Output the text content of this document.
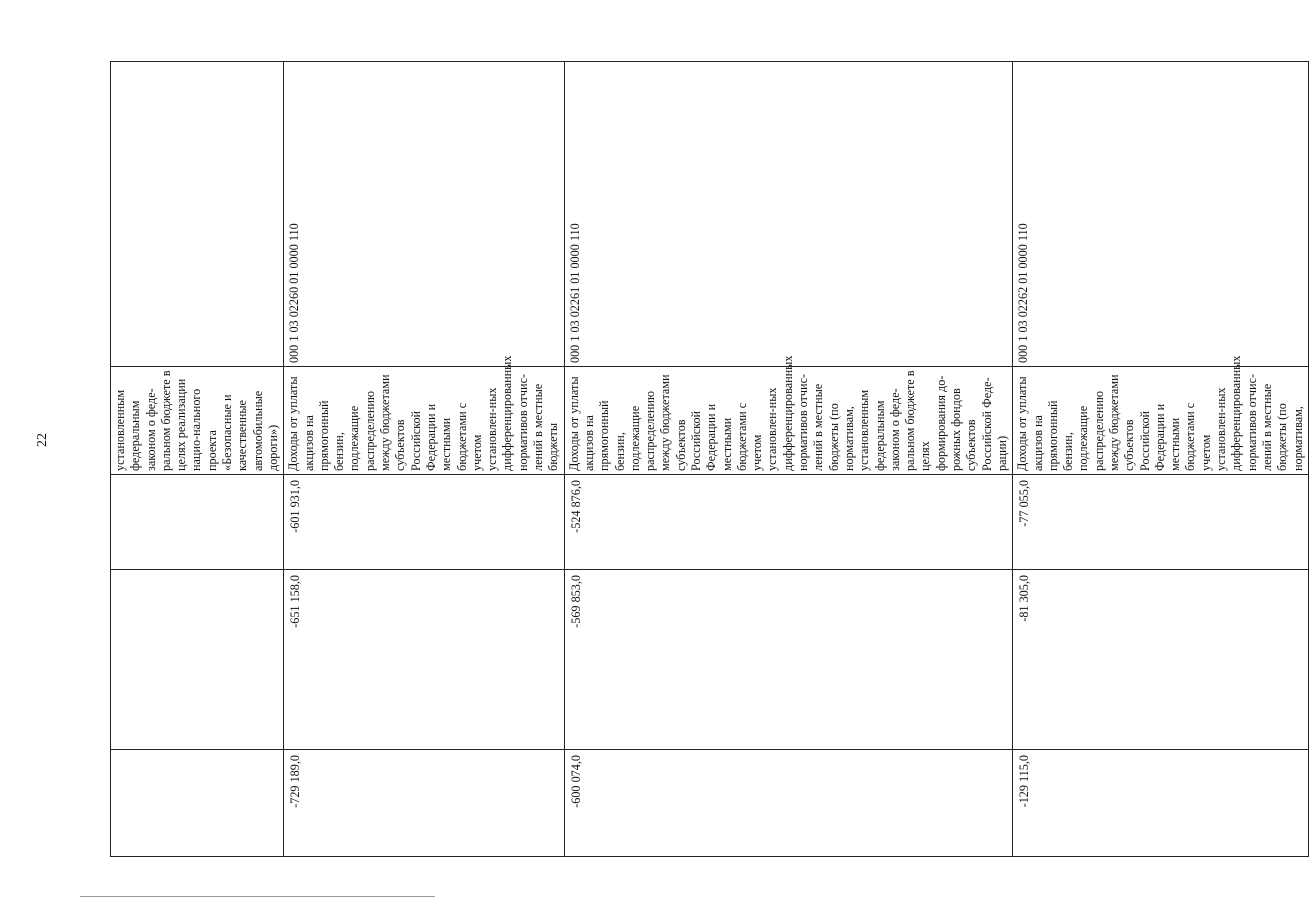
22
				установленным федеральным законом о феде-ральном бюджете в целях реализации нацио-нального проекта «Безопасные и качественные автомобильные дороги»)	
-729 189,0	-651 158,0	-601 931,0	Доходы от уплаты акцизов на прямогонный бензин, подлежащие распределению между бюджетами субъектов Российской Федерации и местными бюджетами с учетом установлен-ных дифференцированных нормативов отчис-лений в местные бюджеты	000 1 03 02260 01 0000 110
-600 074,0	-569 853,0	-524 876,0	Доходы от уплаты акцизов на прямогонный бензин, подлежащие распределению между бюджетами субъектов Российской Федерации и местными бюджетами с учетом установлен-ных дифференцированных нормативов отчис-лений в местные бюджеты (по нормативам, установленным федеральным законом о феде-ральном бюджете в целях формирования до-рожных фондов субъектов Российской Феде-рации)	000 1 03 02261 01 0000 110
-129 115,0	-81 305,0	-77 055,0	Доходы от уплаты акцизов на прямогонный бензин, подлежащие распределению между бюджетами субъектов Российской Федерации и местными бюджетами с учетом установлен-ных дифференцированных нормативов отчис-лений в местные бюджеты (по нормативам,	000 1 03 02262 01 0000 110
